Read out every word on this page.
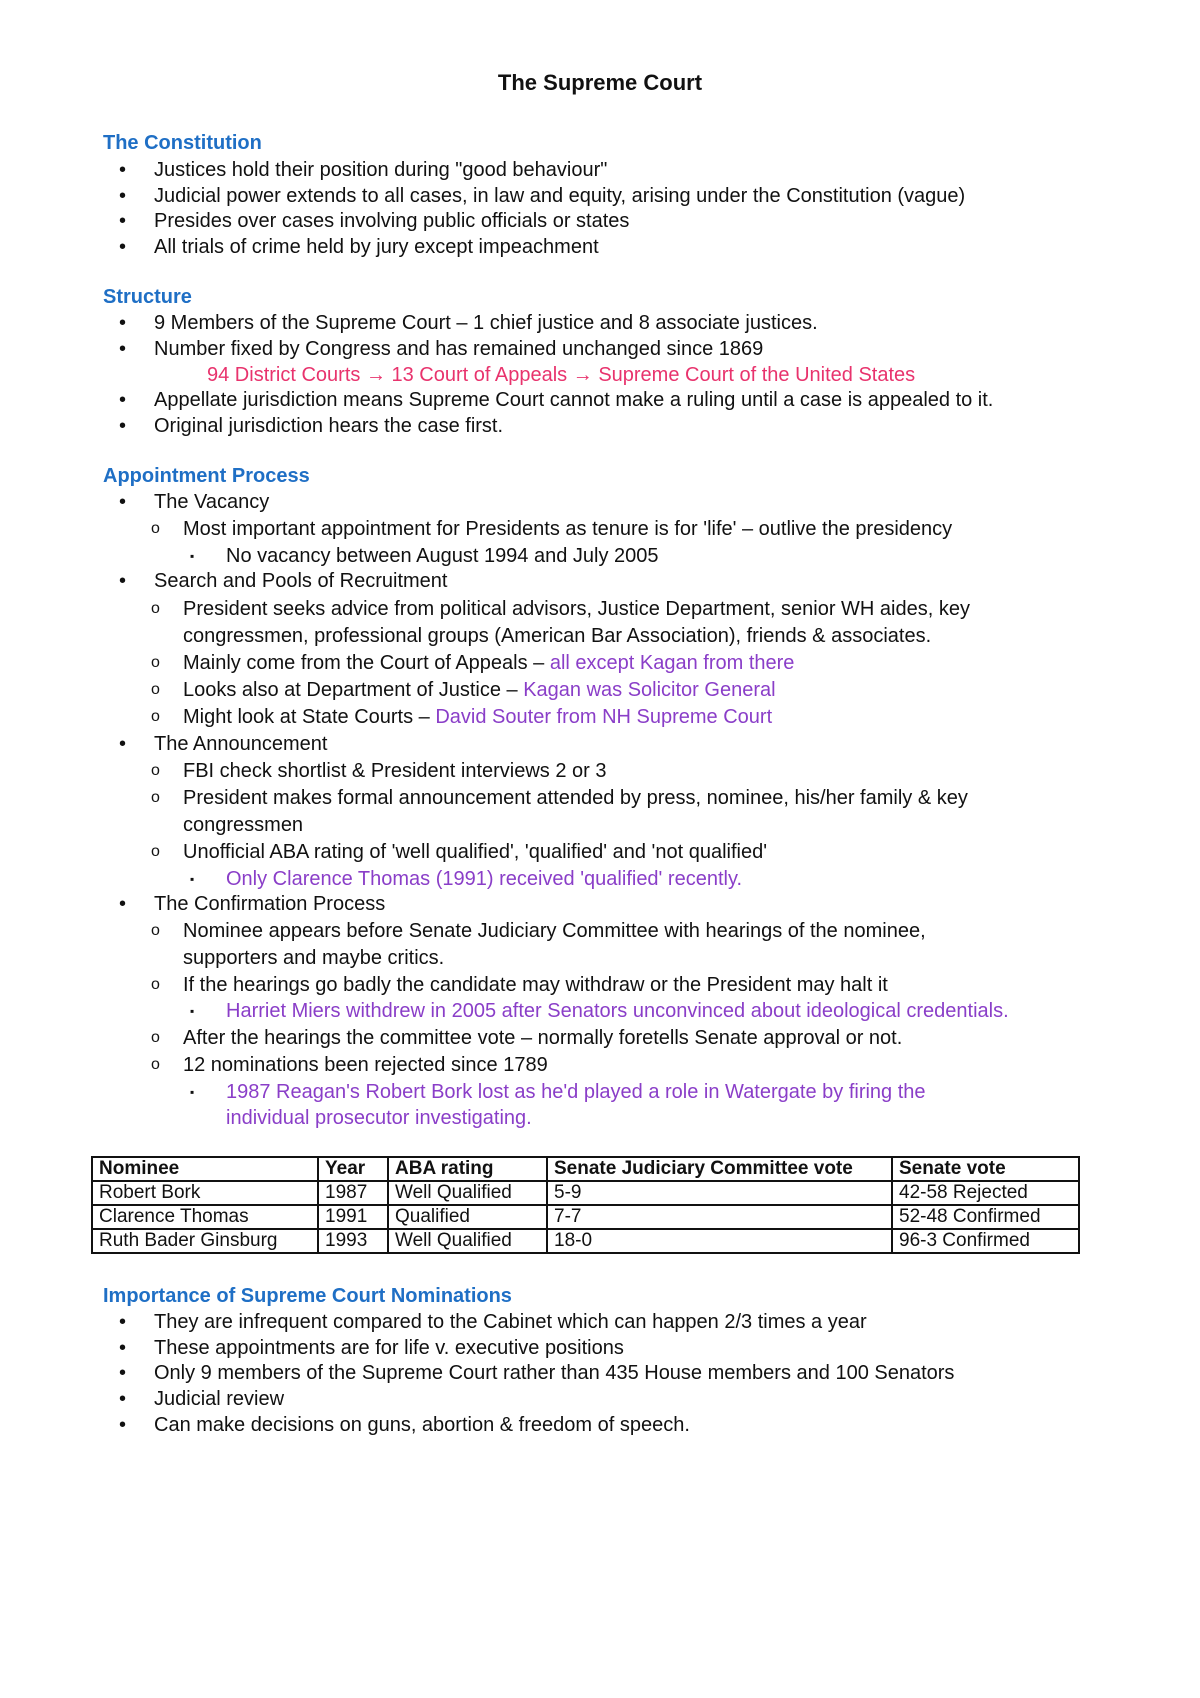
The Supreme Court
The Constitution
• Justices hold their position during "good behaviour"
• Judicial power extends to all cases, in law and equity, arising under the Constitution (vague)
• Presides over cases involving public officials or states
• All trials of crime held by jury except impeachment
Structure
• 9 Members of the Supreme Court – 1 chief justice and 8 associate justices.
• Number fixed by Congress and has remained unchanged since 1869
94 District Courts → 13 Court of Appeals → Supreme Court of the United States
• Appellate jurisdiction means Supreme Court cannot make a ruling until a case is appealed to it.
• Original jurisdiction hears the case first.
Appointment Process
• The Vacancy
o Most important appointment for Presidents as tenure is for 'life' – outlive the presidency
▪ No vacancy between August 1994 and July 2005
• Search and Pools of Recruitment
o President seeks advice from political advisors, Justice Department, senior WH aides, key
congressmen, professional groups (American Bar Association), friends & associates.
o Mainly come from the Court of Appeals – all except Kagan from there
o Looks also at Department of Justice – Kagan was Solicitor General
o Might look at State Courts – David Souter from NH Supreme Court
• The Announcement
o FBI check shortlist & President interviews 2 or 3
o President makes formal announcement attended by press, nominee, his/her family & key
congressmen
o Unofficial ABA rating of 'well qualified', 'qualified' and 'not qualified'
▪ Only Clarence Thomas (1991) received 'qualified' recently.
• The Confirmation Process
o Nominee appears before Senate Judiciary Committee with hearings of the nominee,
supporters and maybe critics.
o If the hearings go badly the candidate may withdraw or the President may halt it
▪ Harriet Miers withdrew in 2005 after Senators unconvinced about ideological credentials.
o After the hearings the committee vote – normally foretells Senate approval or not.
o 12 nominations been rejected since 1789
▪ 1987 Reagan's Robert Bork lost as he'd played a role in Watergate by firing the
individual prosecutor investigating.
Nominee	Year	ABA rating	Senate Judiciary Committee vote	Senate vote
Robert Bork	1987	Well Qualified	5-9	42-58 Rejected
Clarence Thomas	1991	Qualified	7-7	52-48 Confirmed
Ruth Bader Ginsburg	1993	Well Qualified	18-0	96-3 Confirmed
Importance of Supreme Court Nominations
• They are infrequent compared to the Cabinet which can happen 2/3 times a year
• These appointments are for life v. executive positions
• Only 9 members of the Supreme Court rather than 435 House members and 100 Senators
• Judicial review
• Can make decisions on guns, abortion & freedom of speech.
